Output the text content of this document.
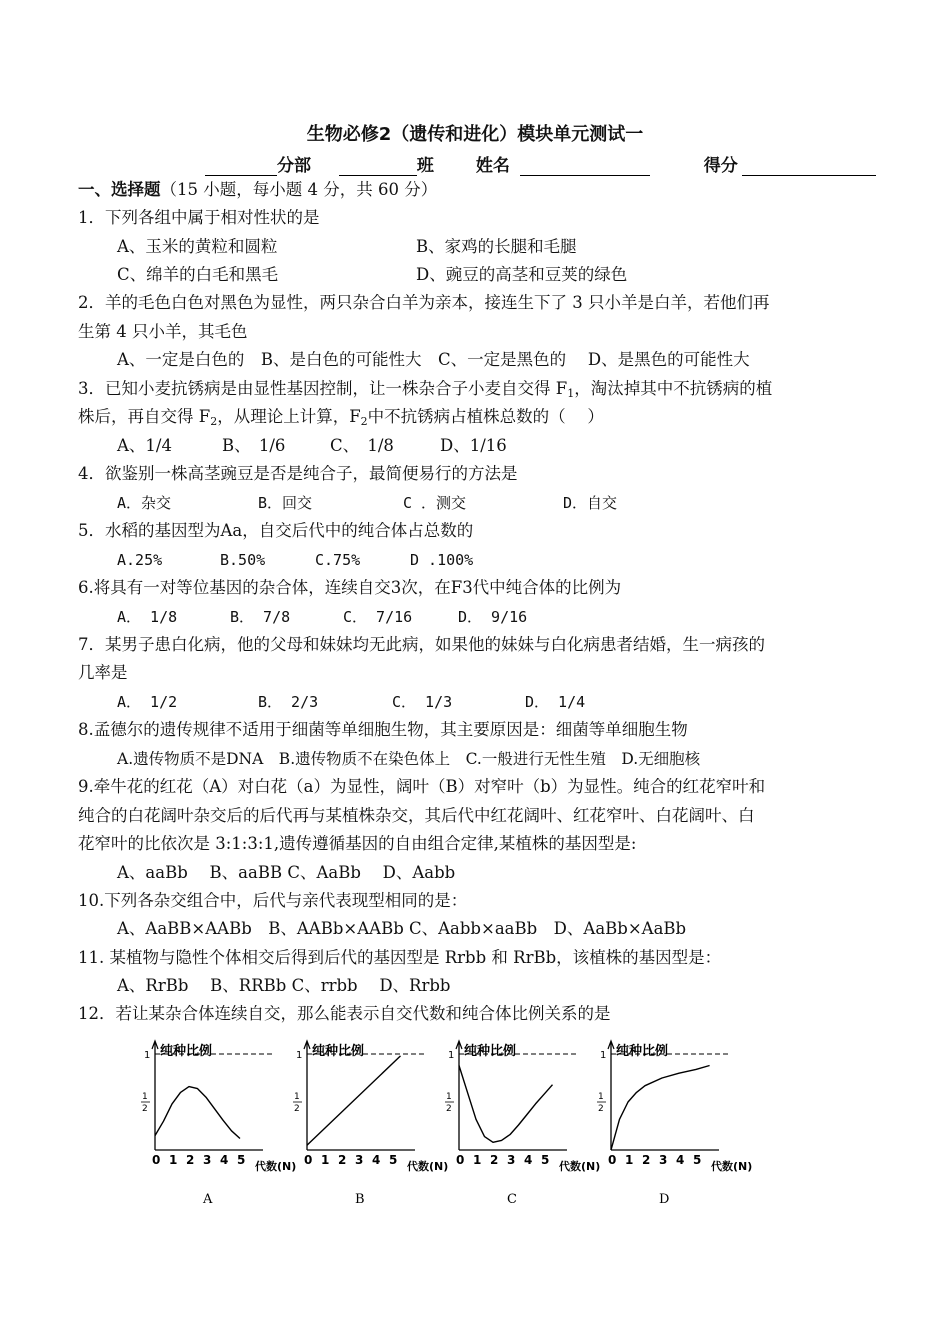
生物必修2（遗传和进化）模块单元测试一
分部	班 姓名	得分
一、选择题（15 小题，每小题 4 分，共 60 分）
1．下列各组中属于相对性状的是
A、玉米的黄粒和圆粒	B、家鸡的长腿和毛腿
C、绵羊的白毛和黑毛	D、豌豆的高茎和豆荚的绿色
2．羊的毛色白色对黑色为显性，两只杂合白羊为亲本，接连生下了 3 只小羊是白羊，若他们再
生第 4 只小羊，其毛色
A、一定是白色的　B、是白色的可能性大　C、一定是黑色的　 D、是黑色的可能性大
3．已知小麦抗锈病是由显性基因控制，让一株杂合子小麦自交得 $F_1$，淘汰掉其中不抗锈病的植
株后，再自交得 $F_2$，从理论上计算，$F_2$中不抗锈病占植株总数的（　 ）
A、1/4	B、　1/6	C、　1/8	D、1/16
4．欲鉴别一株高茎豌豆是否是纯合子，最简便易行的方法是
A．杂交	B．回交	C ．测交	D．自交
5．水稻的基因型为Aa，自交后代中的纯合体占总数的
A.25%	B.50%	C.75%	D .100%
6.将具有一对等位基因的杂合体，连续自交3次，在F3代中纯合体的比例为
A． 1/8	B． 7/8	C． 7/16	D． 9/16
7．某男子患白化病，他的父母和妹妹均无此病，如果他的妹妹与白化病患者结婚，生一病孩的
几率是
A． 1/2	B． 2/3	C． 1/3	D． 1/4
8.孟德尔的遗传规律不适用于细菌等单细胞生物，其主要原因是：细菌等单细胞生物
A.遗传物质不是DNA　B.遗传物质不在染色体上　C.一般进行无性生殖　D.无细胞核
9.牵牛花的红花（A）对白花（a）为显性，阔叶（B）对窄叶（b）为显性。纯合的红花窄叶和
纯合的白花阔叶杂交后的后代再与某植株杂交，其后代中红花阔叶、红花窄叶、白花阔叶、白
花窄叶的比依次是 3:1:3:1,遗传遵循基因的自由组合定律,某植株的基因型是:
A、aaBb　 B、aaBB C、AaBb　 D、Aabb
10.下列各杂交组合中，后代与亲代表现型相同的是：
A、AaBB×AABb　B、AABb×AABb C、Aabb×aaBb　D、AaBb×AaBb
11. 某植物与隐性个体相交后得到后代的基因型是 Rrbb 和 RrBb，该植株的基因型是：
A、RrBb　 B、RRBb C、rrbb　 D、Rrbb
12．若让某杂合体连续自交，那么能表示自交代数和纯合体比例关系的是
纯种比例
1
1
2
0 1 2 3 4 5 代数(N)
A
纯种比例
1
1
2
0 1 2 3 4 5 代数(N)
B
纯种比例
1
1
2
0 1 2 3 4 5 代数(N)
C
纯种比例
1
1
2
0 1 2 3 4 5 代数(N)
D
